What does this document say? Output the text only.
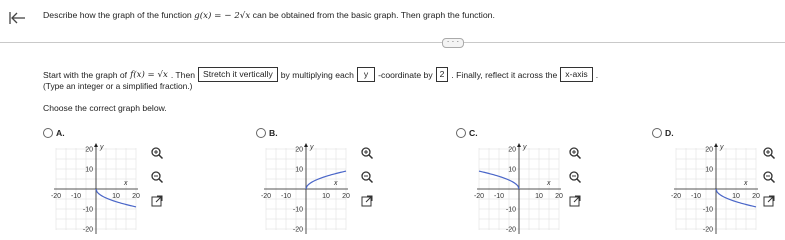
Describe how the graph of the function g(x) = − 2√x can be obtained from the basic graph. Then graph the function.
· · ·
Start with the graph of f(x) = √x . Then Stretch it vertically by multiplying each	y	-coordinate by 2 . Finally, reflect it across the x-axis .
(Type an integer or a simplified fraction.)
Choose the correct graph below.
A.	B.	C.	D.
-20 -10	10 20
20
10
-10
-20
x
y
-20 -10	10 20
20
10
-10
-20
x
y
-20 -10	10 20
20
10
-10
-20
x
y
-20 -10	10 20
20
10
-10
-20
x
y
